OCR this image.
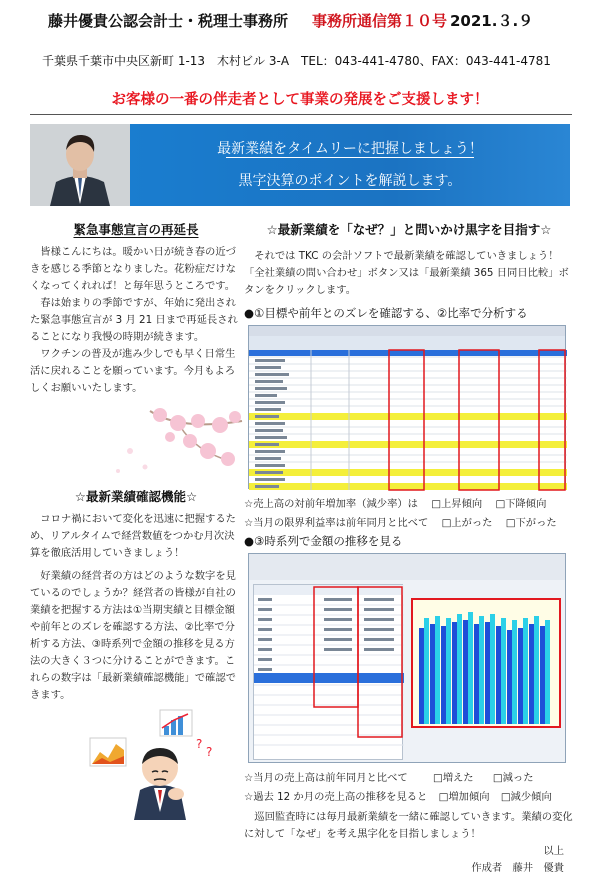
藤井優貴公認会計士・税理士事務所 事務所通信第１０号 2021.３.９
千葉県千葉市中央区新町 1-13　木村ビル 3-A　TEL：043-441-4780、FAX：043-441-4781
お客様の一番の伴走者として事業の発展をご支援します！
最新業績をタイムリーに把握しましょう！
黒字決算のポイントを解説します。
緊急事態宣言の再延長
皆様こんにちは。暖かい日が続き春の近づきを感じる季節となりました。花粉症だけなくなってくれれば！と毎年思うところです。
春は始まりの季節ですが、年始に発出された緊急事態宣言が 3 月 21 日まで再延長されることになり我慢の時期が続きます。
ワクチンの普及が進み少しでも早く日常生活に戻れることを願っています。今月もよろしくお願いいたします。
☆最新業績確認機能☆
コロナ禍において変化を迅速に把握するため、リアルタイムで経営数値をつかむ月次決算を徹底活用していきましょう！
好業績の経営者の方はどのような数字を見ているのでしょうか？経営者の皆様が自社の業績を把握する方法は①当期実績と目標金額や前年とのズレを確認する方法、②比率で分析する方法、③時系列で金額の推移を見る方法の大きく３つに分けることができます。これらの数字は「最新業績確認機能」で確認できます。
?
?
☆最新業績を「なぜ？」と問いかけ黒字を目指す☆
それでは TKC の会計ソフトで最新業績を確認していきましょう！「全社業績の問い合わせ」ボタン又は「最新業績 365 日同日比較」ボタンをクリックします。
●①目標や前年とのズレを確認する、②比率で分析する
☆売上高の対前年増加率（減少率）は □上昇傾向 □下降傾向
☆当月の限界利益率は前年同月と比べて □上がった □下がった
●③時系列で金額の推移を見る
☆当月の売上高は前年同月と比べて □増えた □減った
☆過去 12 か月の売上高の推移を見ると □増加傾向 □減少傾向
巡回監査時には毎月最新業績を一緒に確認していきます。業績の変化に対して「なぜ」を考え黒字化を目指しましょう！
以上
作成者　藤井　優貴
